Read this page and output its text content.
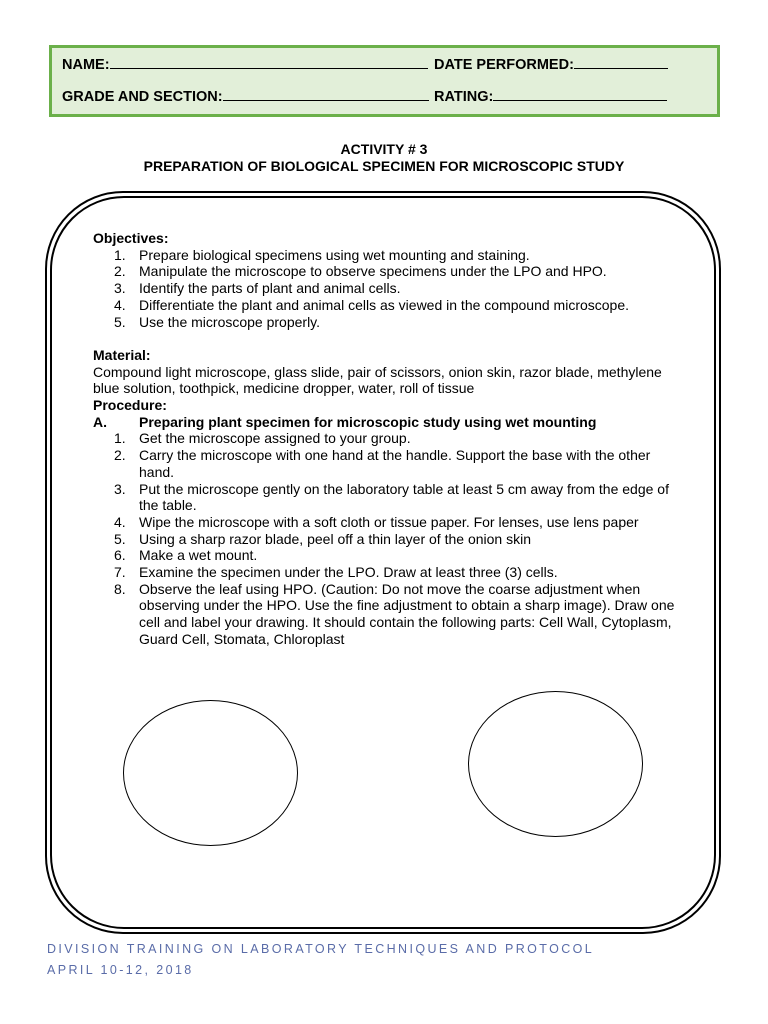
NAME:	DATE PERFORMED:
GRADE AND SECTION:	RATING:
ACTIVITY # 3
PREPARATION OF BIOLOGICAL SPECIMEN FOR MICROSCOPIC STUDY
Objectives:
1. Prepare biological specimens using wet mounting and staining.
2. Manipulate the microscope to observe specimens under the LPO and HPO.
3. Identify the parts of plant and animal cells.
4. Differentiate the plant and animal cells as viewed in the compound microscope.
5. Use the microscope properly.
Material:
Compound light microscope, glass slide, pair of scissors, onion skin, razor blade, methylene blue solution, toothpick, medicine dropper, water, roll of tissue
Procedure:
A. Preparing plant specimen for microscopic study using wet mounting
1. Get the microscope assigned to your group.
2. Carry the microscope with one hand at the handle. Support the base with the other hand.
3. Put the microscope gently on the laboratory table at least 5 cm away from the edge of the table.
4. Wipe the microscope with a soft cloth or tissue paper. For lenses, use lens paper
5. Using a sharp razor blade, peel off a thin layer of the onion skin
6. Make a wet mount.
7. Examine the specimen under the LPO. Draw at least three (3) cells.
8. Observe the leaf using HPO. (Caution: Do not move the coarse adjustment when observing under the HPO. Use the fine adjustment to obtain a sharp image). Draw one cell and label your drawing. It should contain the following parts: Cell Wall, Cytoplasm, Guard Cell, Stomata, Chloroplast
DIVISION TRAINING ON LABORATORY TECHNIQUES AND PROTOCOL
APRIL 10-12, 2018
